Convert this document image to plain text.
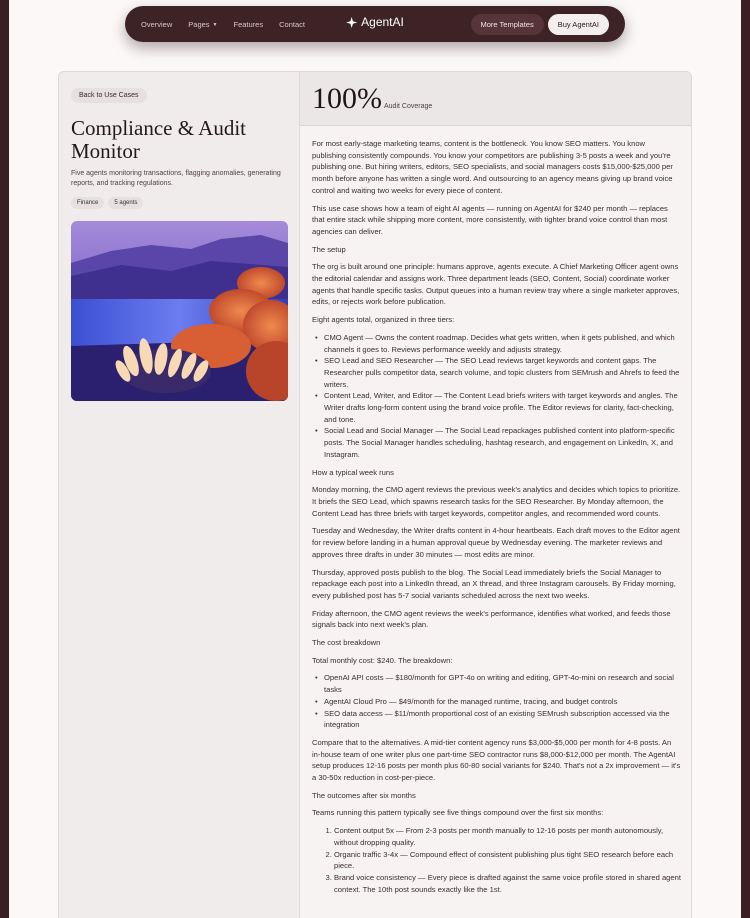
Overview Pages ▼ Features Contact	AgentAI	More Templates	Buy AgentAI
Back to Use Cases
Compliance & Audit Monitor

Five agents monitoring transactions, flagging anomalies, generating reports, and tracking regulations.

Finance	5 agents
100% Audit Coverage

For most early-stage marketing teams, content is the bottleneck. You know SEO matters. You know publishing consistently compounds. You know your competitors are publishing 3-5 posts a week and you're publishing one. But hiring writers, editors, SEO specialists, and social managers costs $15,000-$25,000 per month before anyone has written a single word. And outsourcing to an agency means giving up brand voice control and waiting two weeks for every piece of content.

This use case shows how a team of eight AI agents — running on AgentAI for $240 per month — replaces that entire stack while shipping more content, more consistently, with tighter brand voice control than most agencies can deliver.

The setup

The org is built around one principle: humans approve, agents execute. A Chief Marketing Officer agent owns the editorial calendar and assigns work. Three department leads (SEO, Content, Social) coordinate worker agents that handle specific tasks. Output queues into a human review tray where a single marketer approves, edits, or rejects work before publication.

Eight agents total, organized in three tiers:

• CMO Agent — Owns the content roadmap. Decides what gets written, when it gets published, and which channels it goes to. Reviews performance weekly and adjusts strategy.
• SEO Lead and SEO Researcher — The SEO Lead reviews target keywords and content gaps. The Researcher pulls competitor data, search volume, and topic clusters from SEMrush and Ahrefs to feed the writers.
• Content Lead, Writer, and Editor — The Content Lead briefs writers with target keywords and angles. The Writer drafts long-form content using the brand voice profile. The Editor reviews for clarity, fact-checking, and tone.
• Social Lead and Social Manager — The Social Lead repackages published content into platform-specific posts. The Social Manager handles scheduling, hashtag research, and engagement on LinkedIn, X, and Instagram.

How a typical week runs

Monday morning, the CMO agent reviews the previous week's analytics and decides which topics to prioritize. It briefs the SEO Lead, which spawns research tasks for the SEO Researcher. By Monday afternoon, the Content Lead has three briefs with target keywords, competitor angles, and recommended word counts.

Tuesday and Wednesday, the Writer drafts content in 4-hour heartbeats. Each draft moves to the Editor agent for review before landing in a human approval queue by Wednesday evening. The marketer reviews and approves three drafts in under 30 minutes — most edits are minor.

Thursday, approved posts publish to the blog. The Social Lead immediately briefs the Social Manager to repackage each post into a LinkedIn thread, an X thread, and three Instagram carousels. By Friday morning, every published post has 5-7 social variants scheduled across the next two weeks.

Friday afternoon, the CMO agent reviews the week's performance, identifies what worked, and feeds those signals back into next week's plan.

The cost breakdown

Total monthly cost: $240. The breakdown:

• OpenAI API costs — $180/month for GPT-4o on writing and editing, GPT-4o-mini on research and social tasks
• AgentAI Cloud Pro — $49/month for the managed runtime, tracing, and budget controls
• SEO data access — $11/month proportional cost of an existing SEMrush subscription accessed via the integration

Compare that to the alternatives. A mid-tier content agency runs $3,000-$5,000 per month for 4-8 posts. An in-house team of one writer plus one part-time SEO contractor runs $8,000-$12,000 per month. The AgentAI setup produces 12-16 posts per month plus 60-80 social variants for $240. That's not a 2x improvement — it's a 30-50x reduction in cost-per-piece.

The outcomes after six months

Teams running this pattern typically see five things compound over the first six months:

1. Content output 5x — From 2-3 posts per month manually to 12-16 posts per month autonomously, without dropping quality.
2. Organic traffic 3-4x — Compound effect of consistent publishing plus tight SEO research before each piece.
3. Brand voice consistency — Every piece is drafted against the same voice profile stored in shared agent context. The 10th post sounds exactly like the 1st.
